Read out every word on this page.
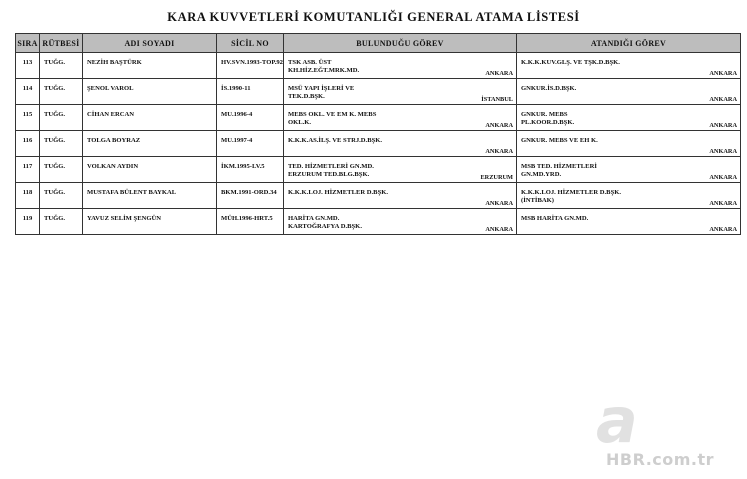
KARA KUVVETLERİ KOMUTANLIĞI GENERAL ATAMA LİSTESİ
SIRA	RÜTBESİ	ADI SOYADI	SİCİL NO	BULUNDUĞU GÖREV	ATANDIĞI GÖREV

113	TUĞG.	NEZİH BAŞTÜRK	HV.SVN.1993-TOP.92	TSK ASB. ÜST
KH.HİZ.EĞT.MRK.MD. ANKARA	K.K.K.KUV.GLŞ. VE TŞK.D.BŞK.
ANKARA

114	TUĞG.	ŞENOL VAROL	İS.1990-11	MSÜ YAPI İŞLERİ VE
TEK.D.BŞK. İSTANBUL	GNKUR.İS.D.BŞK.
ANKARA

115	TUĞG.	CİHAN ERCAN	MU.1996-4	MEBS OKL. VE EM K. MEBS
OKL.K. ANKARA	GNKUR. MEBS
PL.KOOR.D.BŞK. ANKARA

116	TUĞG.	TOLGA BOYRAZ	MU.1997-4	K.K.K.AS.İLŞ. VE STRJ.D.BŞK.
ANKARA	GNKUR. MEBS VE EH K.
ANKARA

117	TUĞG.	VOLKAN AYDIN	İKM.1995-LV.5	TED. HİZMETLERİ GN.MD.
ERZURUM TED.BLG.BŞK. ERZURUM	MSB TED. HİZMETLERİ
GN.MD.YRD. ANKARA

118	TUĞG.	MUSTAFA BÜLENT BAYKAL	BKM.1991-ORD.34	K.K.K.LOJ. HİZMETLER D.BŞK.
ANKARA	K.K.K.LOJ. HİZMETLER D.BŞK.
(İNTİBAK) ANKARA

119	TUĞG.	YAVUZ SELİM ŞENGÜN	MÜH.1996-HRT.5	HARİTA GN.MD.
KARTOĞRAFYA D.BŞK. ANKARA	MSB HARİTA GN.MD.
ANKARA
a
HBR.com.tr
